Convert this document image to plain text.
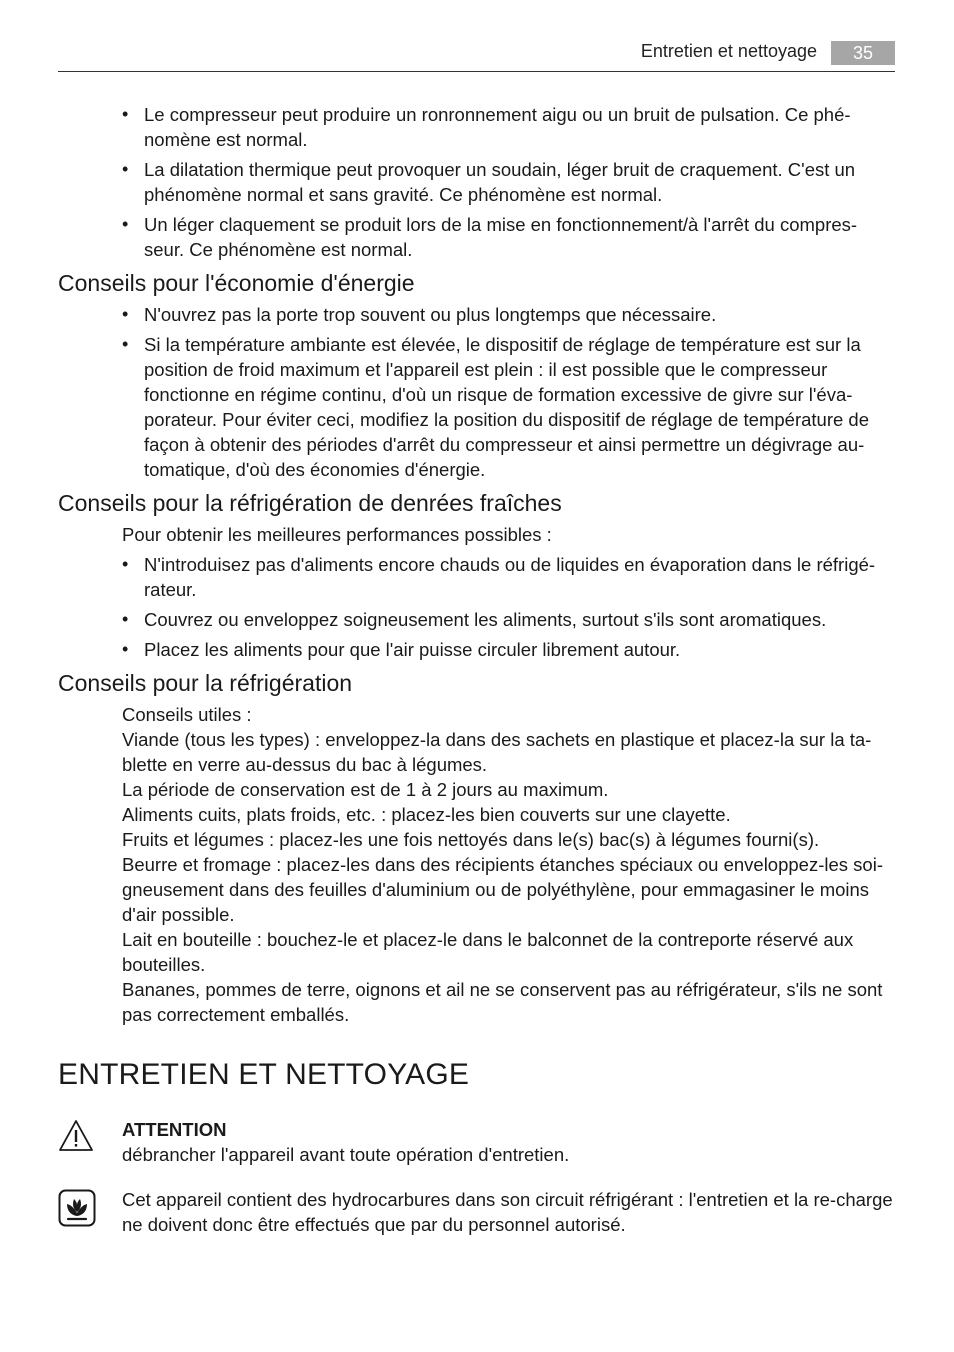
Entretien et nettoyage	35
• Le compresseur peut produire un ronronnement aigu ou un bruit de pulsation. Ce phé-nomène est normal.
• La dilatation thermique peut provoquer un soudain, léger bruit de craquement. C'est un phénomène normal et sans gravité. Ce phénomène est normal.
• Un léger claquement se produit lors de la mise en fonctionnement/à l'arrêt du compres-seur. Ce phénomène est normal.
Conseils pour l'économie d'énergie
• N'ouvrez pas la porte trop souvent ou plus longtemps que nécessaire.
• Si la température ambiante est élevée, le dispositif de réglage de température est sur la position de froid maximum et l'appareil est plein : il est possible que le compresseur fonctionne en régime continu, d'où un risque de formation excessive de givre sur l'éva-porateur. Pour éviter ceci, modifiez la position du dispositif de réglage de température de façon à obtenir des périodes d'arrêt du compresseur et ainsi permettre un dégivrage au-tomatique, d'où des économies d'énergie.
Conseils pour la réfrigération de denrées fraîches

Pour obtenir les meilleures performances possibles :

• N'introduisez pas d'aliments encore chauds ou de liquides en évaporation dans le réfrigé-rateur.
• Couvrez ou enveloppez soigneusement les aliments, surtout s'ils sont aromatiques.
• Placez les aliments pour que l'air puisse circuler librement autour.
Conseils pour la réfrigération
Conseils utiles :
Viande (tous les types) : enveloppez-la dans des sachets en plastique et placez-la sur la ta-blette en verre au-dessus du bac à légumes.
La période de conservation est de 1 à 2 jours au maximum.
Aliments cuits, plats froids, etc. : placez-les bien couverts sur une clayette.
Fruits et légumes : placez-les une fois nettoyés dans le(s) bac(s) à légumes fourni(s).
Beurre et fromage : placez-les dans des récipients étanches spéciaux ou enveloppez-les soi-gneusement dans des feuilles d'aluminium ou de polyéthylène, pour emmagasiner le moins d'air possible.
Lait en bouteille : bouchez-le et placez-le dans le balconnet de la contreporte réservé aux bouteilles.
Bananes, pommes de terre, oignons et ail ne se conservent pas au réfrigérateur, s'ils ne sont pas correctement emballés.
ENTRETIEN ET NETTOYAGE
ATTENTION
débrancher l'appareil avant toute opération d'entretien.
Cet appareil contient des hydrocarbures dans son circuit réfrigérant : l'entretien et la re-charge ne doivent donc être effectués que par du personnel autorisé.
